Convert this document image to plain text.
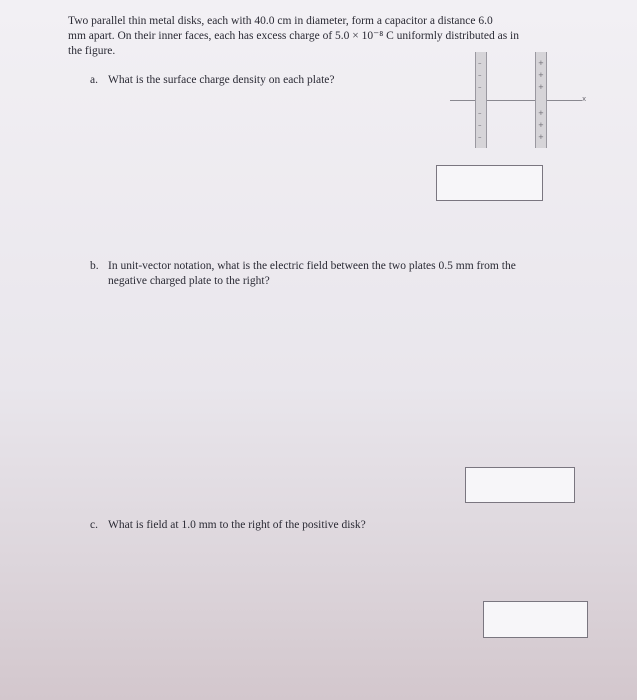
Two parallel thin metal disks, each with 40.0 cm in diameter, form a capacitor a distance 6.0
mm apart. On their inner faces, each has excess charge of 5.0 × 10⁻⁸ C uniformly distributed as in
the figure.
x
–
–
–
–
–
–
+
+
+
+
+
+
a. What is the surface charge density on each plate?
b. In unit-vector notation, what is the electric field between the two plates 0.5 mm from the
negative charged plate to the right?
c. What is field at 1.0 mm to the right of the positive disk?
